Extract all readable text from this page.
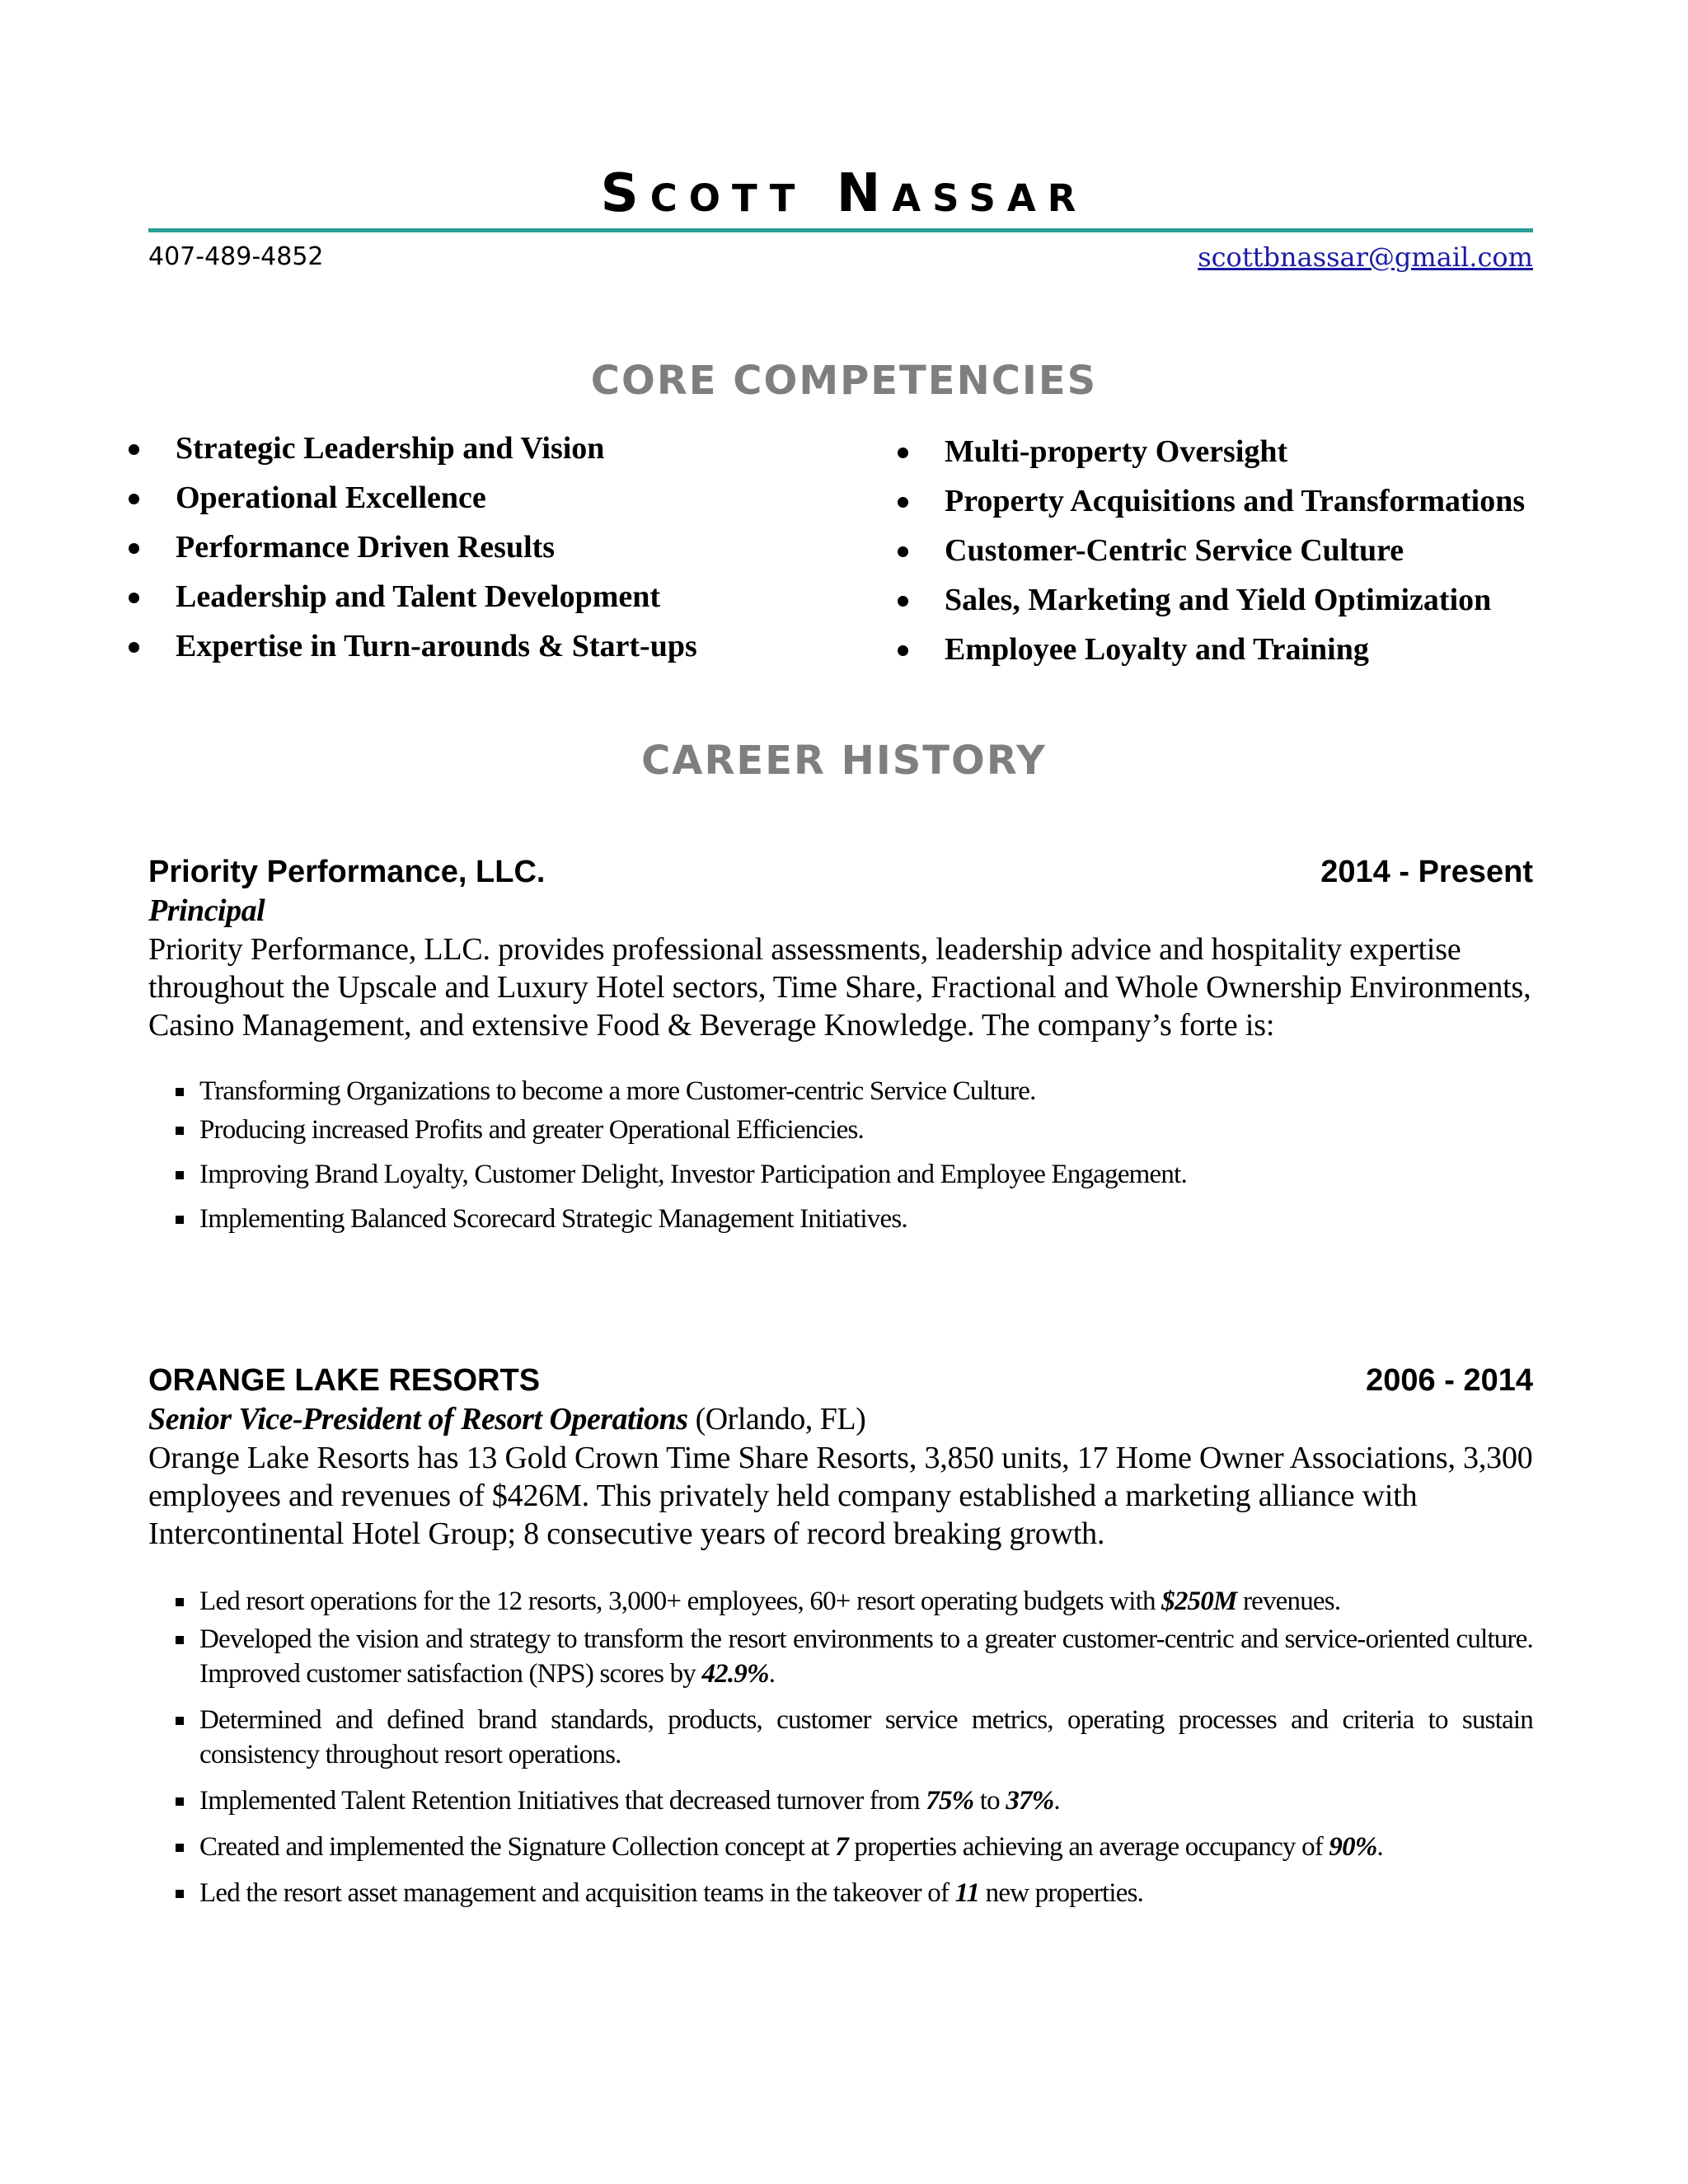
Scott Nassar
407-489-4852	scottbnassar@gmail.com
CORE COMPETENCIES
Strategic Leadership and Vision
Operational Excellence
Performance Driven Results
Leadership and Talent Development
Expertise in Turn-arounds & Start-ups
Multi-property Oversight
Property Acquisitions and Transformations
Customer-Centric Service Culture
Sales, Marketing and Yield Optimization
Employee Loyalty and Training
CAREER HISTORY
Priority Performance, LLC.	2014 - Present
Principal
Priority Performance, LLC. provides professional assessments, leadership advice and hospitality expertise throughout the Upscale and Luxury Hotel sectors, Time Share, Fractional and Whole Ownership Environments, Casino Management, and extensive Food & Beverage Knowledge. The company’s forte is:
Transforming Organizations to become a more Customer-centric Service Culture.
Producing increased Profits and greater Operational Efficiencies.
Improving Brand Loyalty, Customer Delight, Investor Participation and Employee Engagement.
Implementing Balanced Scorecard Strategic Management Initiatives.
ORANGE LAKE RESORTS	2006 - 2014
Senior Vice-President of Resort Operations (Orlando, FL)
Orange Lake Resorts has 13 Gold Crown Time Share Resorts, 3,850 units, 17 Home Owner Associations, 3,300 employees and revenues of $426M. This privately held company established a marketing alliance with Intercontinental Hotel Group; 8 consecutive years of record breaking growth.
Led resort operations for the 12 resorts, 3,000+ employees, 60+ resort operating budgets with $250M revenues.
Developed the vision and strategy to transform the resort environments to a greater customer-centric and service-oriented culture. Improved customer satisfaction (NPS) scores by 42.9%.
Determined and defined brand standards, products, customer service metrics, operating processes and criteria to sustain consistency throughout resort operations.
Implemented Talent Retention Initiatives that decreased turnover from 75% to 37%.
Created and implemented the Signature Collection concept at 7 properties achieving an average occupancy of 90%.
Led the resort asset management and acquisition teams in the takeover of 11 new properties.
